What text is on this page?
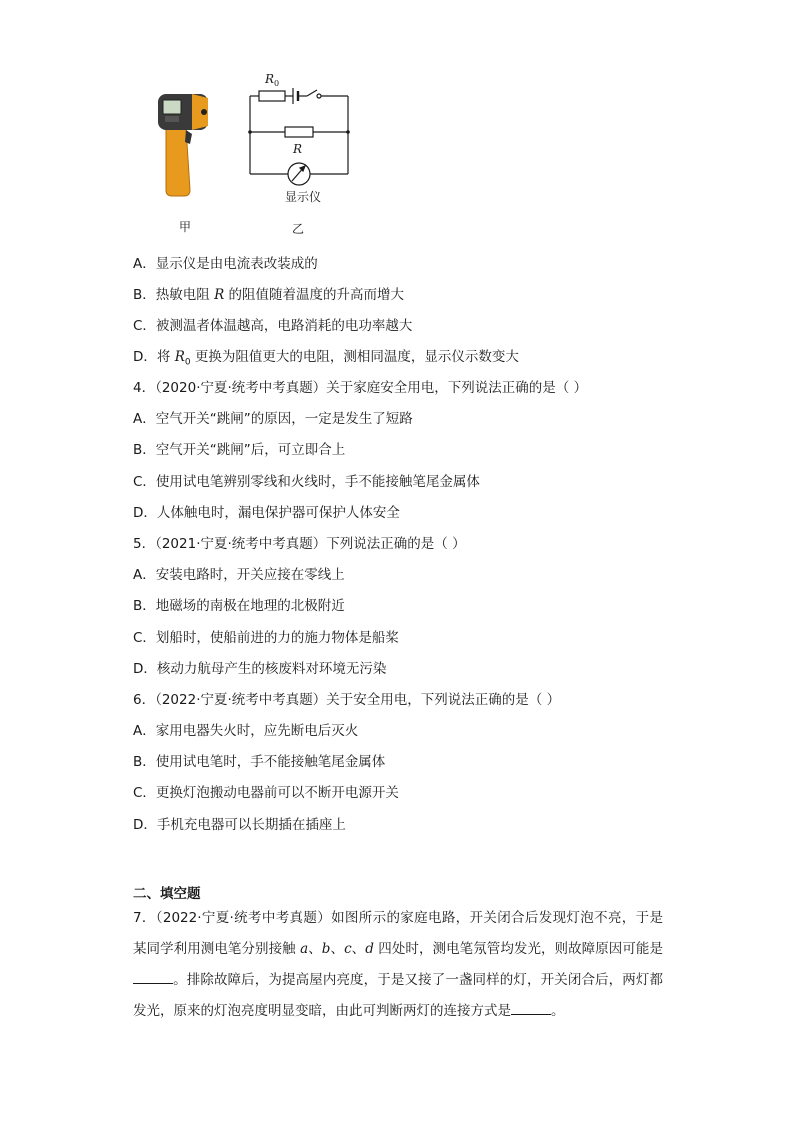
甲
$R_0$
R
显示仪
乙
A．显示仪是由电流表改装成的
B．热敏电阻 R 的阻值随着温度的升高而增大
C．被测温者体温越高，电路消耗的电功率越大
D．将 $R_0$ 更换为阻值更大的电阻，测相同温度，显示仪示数变大
4．（2020·宁夏·统考中考真题）关于家庭安全用电，下列说法正确的是（ ）
A．空气开关“跳闸”的原因，一定是发生了短路
B．空气开关“跳闸”后，可立即合上
C．使用试电笔辨别零线和火线时，手不能接触笔尾金属体
D．人体触电时，漏电保护器可保护人体安全
5．（2021·宁夏·统考中考真题）下列说法正确的是（ ）
A．安装电路时，开关应接在零线上
B．地磁场的南极在地理的北极附近
C．划船时，使船前进的力的施力物体是船桨
D．核动力航母产生的核废料对环境无污染
6．（2022·宁夏·统考中考真题）关于安全用电，下列说法正确的是（ ）
A．家用电器失火时，应先断电后灭火
B．使用试电笔时，手不能接触笔尾金属体
C．更换灯泡搬动电器前可以不断开电源开关
D．手机充电器可以长期插在插座上
二、填空题
7．（2022·宁夏·统考中考真题）如图所示的家庭电路，开关闭合后发现灯泡不亮，于是某同学利用测电笔分别接触 a、b、c、d 四处时，测电笔氖管均发光，则故障原因可能是。排除故障后，为提高屋内亮度，于是又接了一盏同样的灯，开关闭合后，两灯都发光，原来的灯泡亮度明显变暗，由此可判断两灯的连接方式是	。
